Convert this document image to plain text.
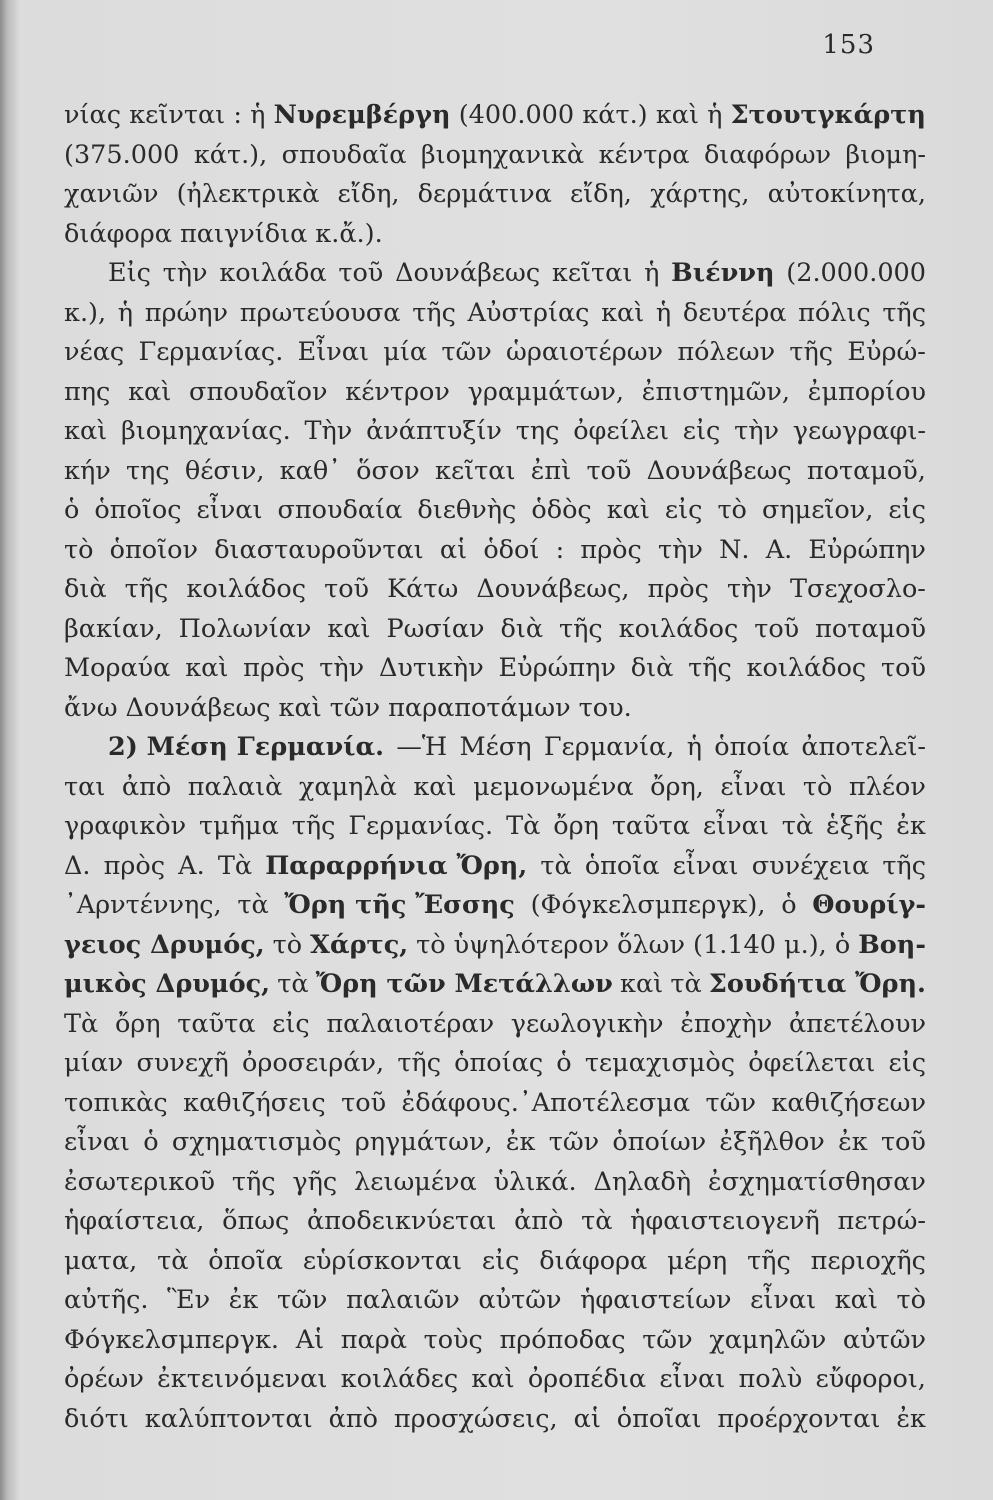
153
νίας κεῖνται : ἡ Νυρεμβέργη (400.000 κάτ.) καὶ ἡ Στουτγκάρτη
(375.000 κάτ.), σπουδαῖα βιομηχανικὰ κέντρα διαφόρων βιομη-
χανιῶν (ἠλεκτρικὰ εἴδη, δερμάτινα εἴδη, χάρτης, αὐτοκίνητα,
διάφορα παιγνίδια κ.ἄ.).
Εἰς τὴν κοιλάδα τοῦ Δουνάβεως κεῖται ἡ Βιέννη (2.000.000
κ.), ἡ πρώην πρωτεύουσα τῆς Αὐστρίας καὶ ἡ δευτέρα πόλις τῆς
νέας Γερμανίας. Εἶναι μία τῶν ὡραιοτέρων πόλεων τῆς Εὐρώ-
πης καὶ σπουδαῖον κέντρον γραμμάτων, ἐπιστημῶν, ἐμπορίου
καὶ βιομηχανίας. Τὴν ἀνάπτυξίν της ὀφείλει εἰς τὴν γεωγραφι-
κήν της θέσιν, καθ᾿ ὅσον κεῖται ἐπὶ τοῦ Δουνάβεως ποταμοῦ,
ὁ ὁποῖος εἶναι σπουδαία διεθνὴς ὁδὸς καὶ εἰς τὸ σημεῖον, εἰς
τὸ ὁποῖον διασταυροῦνται αἱ ὁδοί : πρὸς τὴν Ν. Α. Εὐρώπην
διὰ τῆς κοιλάδος τοῦ Κάτω Δουνάβεως, πρὸς τὴν Τσεχοσλο-
βακίαν, Πολωνίαν καὶ Ρωσίαν διὰ τῆς κοιλάδος τοῦ ποταμοῦ
Μοραύα καὶ πρὸς τὴν Δυτικὴν Εὐρώπην διὰ τῆς κοιλάδος τοῦ
ἄνω Δουνάβεως καὶ τῶν παραποτάμων του.
2) Μέση Γερμανία. —Ἡ Μέση Γερμανία, ἡ ὁποία ἀποτελεῖ-
ται ἀπὸ παλαιὰ χαμηλὰ καὶ μεμονωμένα ὄρη, εἶναι τὸ πλέον
γραφικὸν τμῆμα τῆς Γερμανίας. Τὰ ὄρη ταῦτα εἶναι τὰ ἑξῆς ἐκ
Δ. πρὸς Α. Τὰ Παραρρήνια Ὄρη, τὰ ὁποῖα εἶναι συνέχεια τῆς
᾿Αρντέννης, τὰ Ὄρη τῆς Ἔσσης (Φόγκελσμπεργκ), ὁ Θουρίγ-
γειος Δρυμός, τὸ Χάρτς, τὸ ὑψηλότερον ὅλων (1.140 μ.), ὁ Βοη-
μικὸς Δρυμός, τὰ Ὄρη τῶν Μετάλλων καὶ τὰ Σουδήτια Ὄρη.
Τὰ ὄρη ταῦτα εἰς παλαιοτέραν γεωλογικὴν ἐποχὴν ἀπετέλουν
μίαν συνεχῆ ὀροσειράν, τῆς ὁποίας ὁ τεμαχισμὸς ὀφείλεται εἰς
τοπικὰς καθιζήσεις τοῦ ἐδάφους.᾿Αποτέλεσμα τῶν καθιζήσεων
εἶναι ὁ σχηματισμὸς ρηγμάτων, ἐκ τῶν ὁποίων ἐξῆλθον ἐκ τοῦ
ἐσωτερικοῦ τῆς γῆς λειωμένα ὑλικά. Δηλαδὴ ἐσχηματίσθησαν
ἡφαίστεια, ὅπως ἀποδεικνύεται ἀπὸ τὰ ἡφαιστειογενῆ πετρώ-
ματα, τὰ ὁποῖα εὑρίσκονται εἰς διάφορα μέρη τῆς περιοχῆς
αὐτῆς. Ἓν ἐκ τῶν παλαιῶν αὐτῶν ἡφαιστείων εἶναι καὶ τὸ
Φόγκελσμπεργκ. Αἱ παρὰ τοὺς πρόποδας τῶν χαμηλῶν αὐτῶν
ὀρέων ἐκτεινόμεναι κοιλάδες καὶ ὀροπέδια εἶναι πολὺ εὔφοροι,
διότι καλύπτονται ἀπὸ προσχώσεις, αἱ ὁποῖαι προέρχονται ἐκ
